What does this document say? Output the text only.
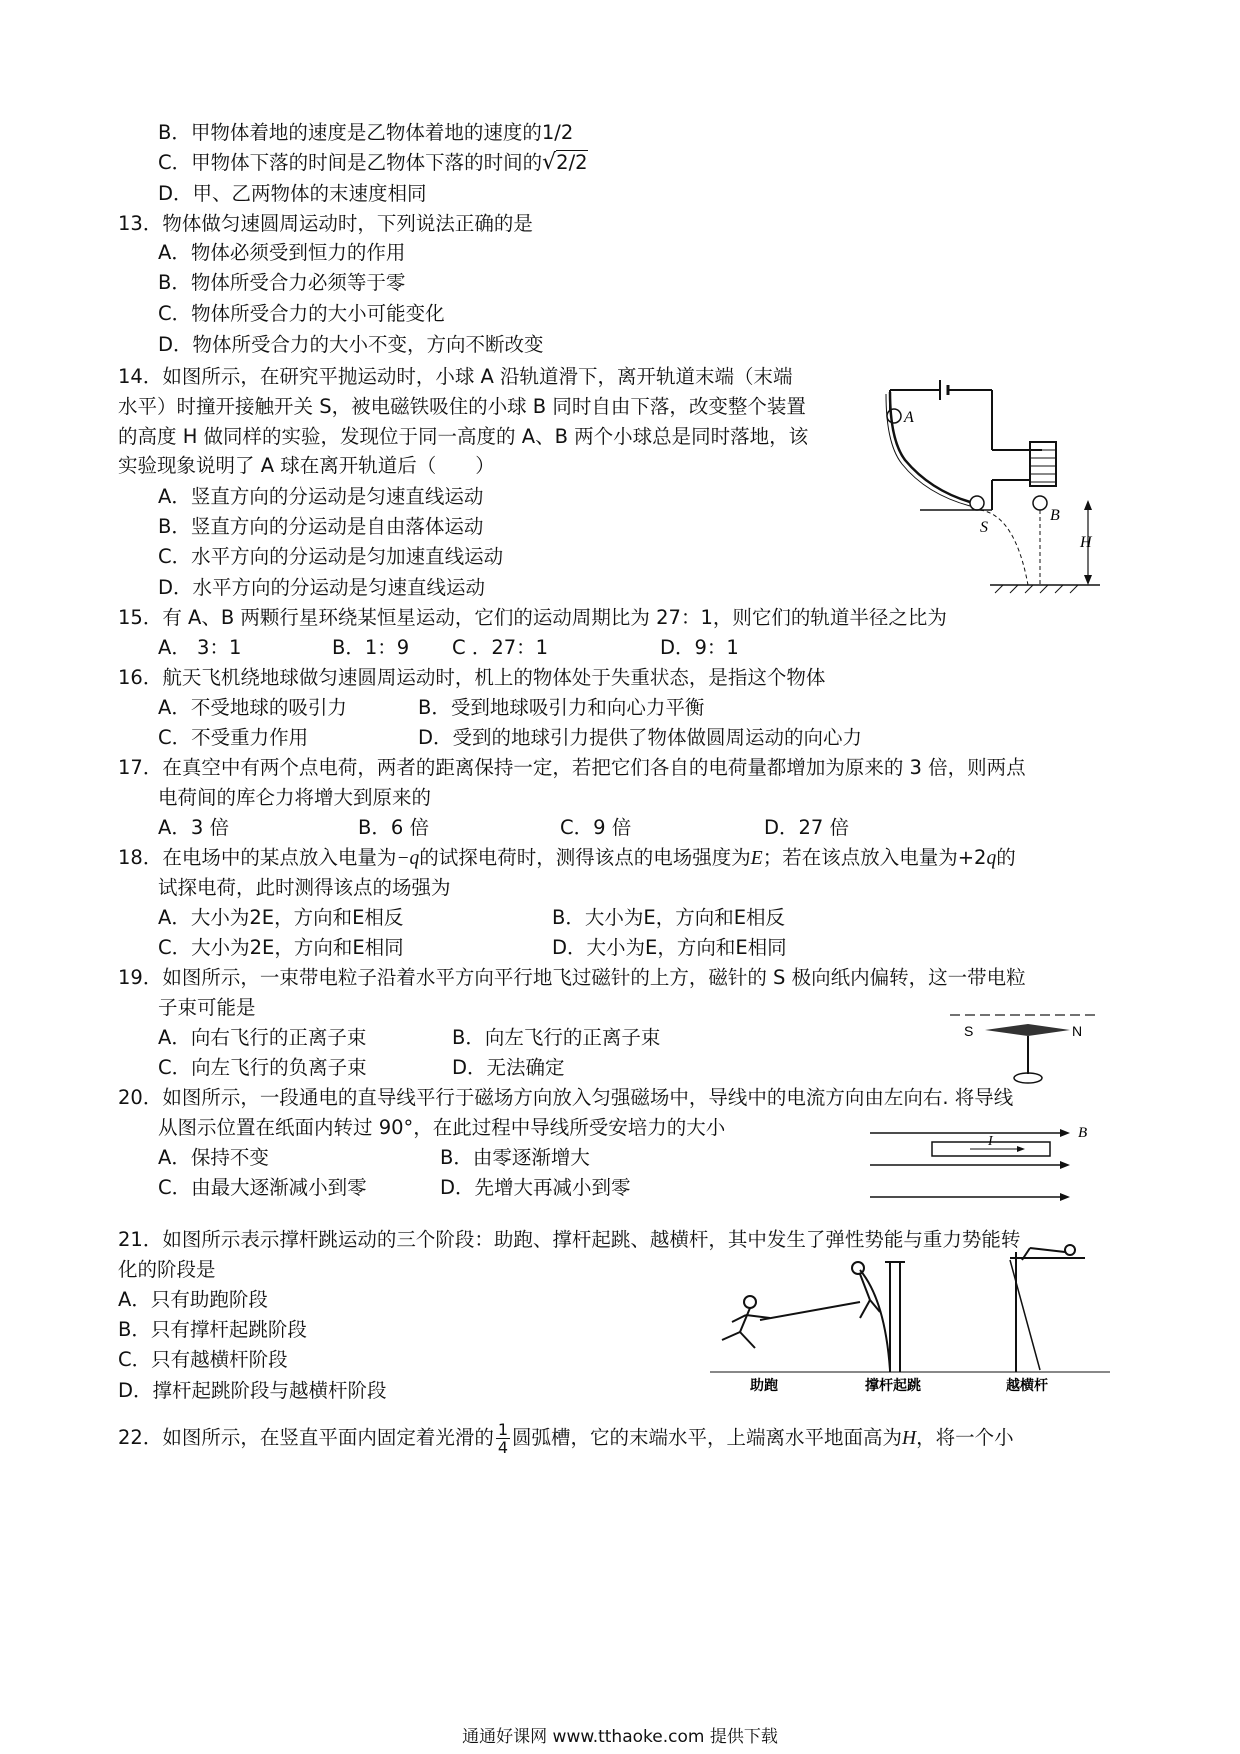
B．甲物体着地的速度是乙物体着地的速度的1/2
C．甲物体下落的时间是乙物体下落的时间的√2/2
D．甲、乙两物体的末速度相同
13．物体做匀速圆周运动时，下列说法正确的是
A．物体必须受到恒力的作用
B．物体所受合力必须等于零
C．物体所受合力的大小可能变化
D．物体所受合力的大小不变，方向不断改变
14．如图所示，在研究平抛运动时，小球 A 沿轨道滑下，离开轨道末端（末端
水平）时撞开接触开关 S，被电磁铁吸住的小球 B 同时自由下落，改变整个装置
的高度 H 做同样的实验，发现位于同一高度的 A、B 两个小球总是同时落地，该
实验现象说明了 A 球在离开轨道后（　　）
A．竖直方向的分运动是匀速直线运动
B．竖直方向的分运动是自由落体运动
C．水平方向的分运动是匀加速直线运动
D．水平方向的分运动是匀速直线运动
A
B
S
H
15．有 A、B 两颗行星环绕某恒星运动，它们的运动周期比为 27：1，则它们的轨道半径之比为
A． 3：1	B．1：9 C ．27：1	D．9：1
16．航天飞机绕地球做匀速圆周运动时，机上的物体处于失重状态，是指这个物体
A．不受地球的吸引力	B．受到地球吸引力和向心力平衡
C．不受重力作用	D．受到的地球引力提供了物体做圆周运动的向心力
17．在真空中有两个点电荷，两者的距离保持一定，若把它们各自的电荷量都增加为原来的 3 倍，则两点
电荷间的库仑力将增大到原来的
A．3 倍	B．6 倍	C．9 倍	D．27 倍
18．在电场中的某点放入电量为−q的试探电荷时，测得该点的电场强度为E；若在该点放入电量为+2q的
试探电荷，此时测得该点的场强为
A．大小为2E，方向和E相反	B．大小为E，方向和E相反
C．大小为2E，方向和E相同	D．大小为E，方向和E相同
19．如图所示，一束带电粒子沿着水平方向平行地飞过磁针的上方，磁针的 S 极向纸内偏转，这一带电粒
子束可能是
A．向右飞行的正离子束	B．向左飞行的正离子束
C．向左飞行的负离子束	D．无法确定
S	N
20．如图所示，一段通电的直导线平行于磁场方向放入匀强磁场中，导线中的电流方向由左向右. 将导线
从图示位置在纸面内转过 90°，在此过程中导线所受安培力的大小
A．保持不变	B．由零逐渐增大
C．由最大逐渐减小到零	D．先增大再减小到零
B
I
21．如图所示表示撑杆跳运动的三个阶段：助跑、撑杆起跳、越横杆，其中发生了弹性势能与重力势能转
化的阶段是
A．只有助跑阶段
B．只有撑杆起跳阶段
C．只有越横杆阶段
D．撑杆起跳阶段与越横杆阶段	助跑	撑杆起跳	越横杆
22．如图所示，在竖直平面内固定着光滑的 $\frac{1}{4}$ 圆弧槽，它的末端水平，上端离水平地面高为H，将一个小
通通好课网 www.tthaoke.com 提供下载
